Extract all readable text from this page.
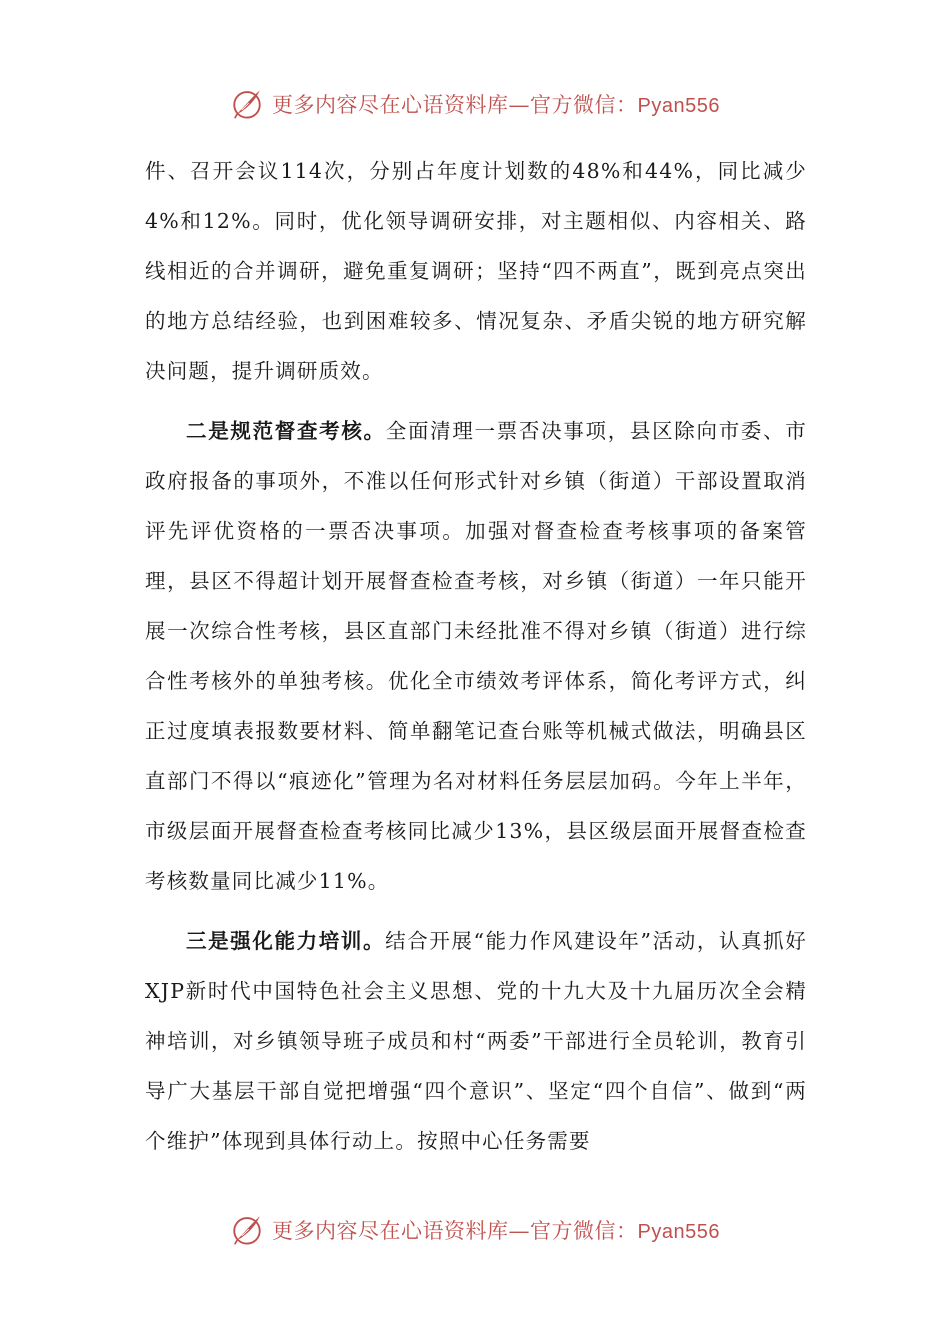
更多内容尽在心语资料库—官方微信：Pyan556

件、召开会议114次，分别占年度计划数的48%和44%，同比减少4%和12%。同时，优化领导调研安排，对主题相似、内容相关、路线相近的合并调研，避免重复调研；坚持“四不两直”，既到亮点突出的地方总结经验，也到困难较多、情况复杂、矛盾尖锐的地方研究解决问题，提升调研质效。

二是规范督查考核。全面清理一票否决事项，县区除向市委、市政府报备的事项外，不准以任何形式针对乡镇（街道）干部设置取消评先评优资格的一票否决事项。加强对督查检查考核事项的备案管理，县区不得超计划开展督查检查考核，对乡镇（街道）一年只能开展一次综合性考核，县区直部门未经批准不得对乡镇（街道）进行综合性考核外的单独考核。优化全市绩效考评体系，简化考评方式，纠正过度填表报数要材料、简单翻笔记查台账等机械式做法，明确县区直部门不得以“痕迹化”管理为名对材料任务层层加码。今年上半年，市级层面开展督查检查考核同比减少13%，县区级层面开展督查检查考核数量同比减少11%。

三是强化能力培训。结合开展“能力作风建设年”活动，认真抓好XJP新时代中国特色社会主义思想、党的十九大及十九届历次全会精神培训，对乡镇领导班子成员和村“两委”干部进行全员轮训，教育引导广大基层干部自觉把增强“四个意识”、坚定“四个自信”、做到“两个维护”体现到具体行动上。按照中心任务需要

更多内容尽在心语资料库—官方微信：Pyan556
